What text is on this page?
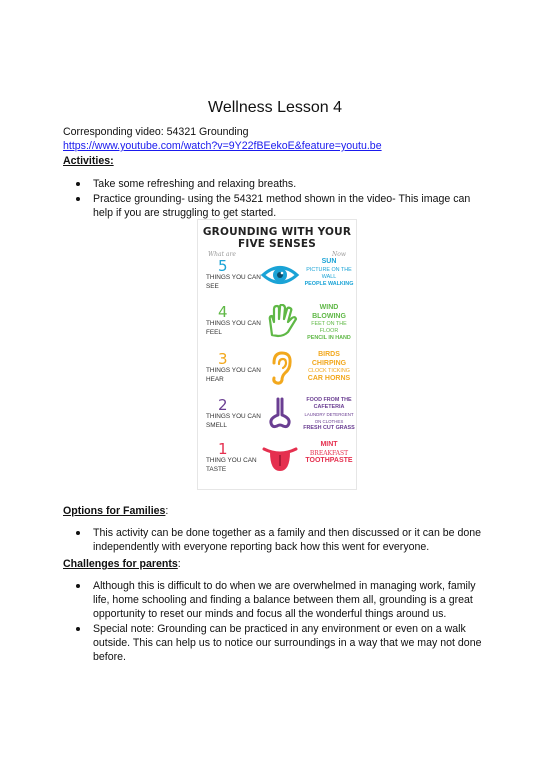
Wellness Lesson 4
Corresponding video: 54321 Grounding
https://www.youtube.com/watch?v=9Y22fBEekoE&feature=youtu.be
Activities:
Take some refreshing and relaxing breaths.
Practice grounding- using the 54321 method shown in the video- This image can help if you are struggling to get started.
GROUNDING WITH YOUR
FIVE SENSES
What are	Now
5
THINGS YOU CAN SEE
SUN
PICTURE ON THE WALL
PEOPLE WALKING
4
THINGS YOU CAN FEEL
WIND BLOWING
FEET ON THE FLOOR
PENCIL IN HAND
3
THINGS YOU CAN HEAR
BIRDS CHIRPING
CLOCK TICKING
CAR HORNS
2
THINGS YOU CAN SMELL
FOOD FROM THE CAFETERIA
LAUNDRY DETERGENT ON CLOTHES
FRESH CUT GRASS
1
THING YOU CAN TASTE
MINT
BREAKFAST
TOOTHPASTE
Options for Families:
This activity can be done together as a family and then discussed or it can be done independently with everyone reporting back how this went for everyone.
Challenges for parents:
Although this is difficult to do when we are overwhelmed in managing work, family life, home schooling and finding a balance between them all, grounding is a great opportunity to reset our minds and focus all the wonderful things around us.
Special note: Grounding can be practiced in any environment or even on a walk outside. This can help us to notice our surroundings in a way that we may not done before.
